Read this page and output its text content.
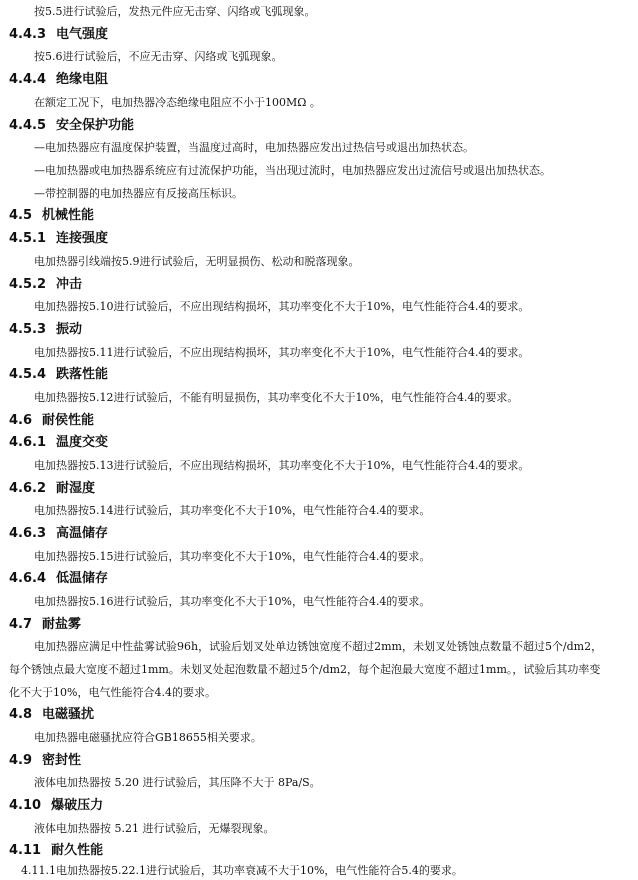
按5.5进行试验后，发热元件应无击穿、闪络或飞弧现象。
4.4.3 电气强度
按5.6进行试验后，不应无击穿、闪络或飞弧现象。
4.4.4 绝缘电阻
在额定工况下，电加热器冷态绝缘电阻应不小于100MΩ 。
4.4.5 安全保护功能
—电加热器应有温度保护装置，当温度过高时，电加热器应发出过热信号或退出加热状态。
—电加热器或电加热器系统应有过流保护功能，当出现过流时，电加热器应发出过流信号或退出加热状态。
—带控制器的电加热器应有反接高压标识。
4.5 机械性能
4.5.1 连接强度
电加热器引线端按5.9进行试验后，无明显损伤、松动和脱落现象。
4.5.2 冲击
电加热器按5.10进行试验后，不应出现结构损坏，其功率变化不大于10%，电气性能符合4.4的要求。
4.5.3 振动
电加热器按5.11进行试验后，不应出现结构损坏，其功率变化不大于10%，电气性能符合4.4的要求。
4.5.4 跌落性能
电加热器按5.12进行试验后，不能有明显损伤，其功率变化不大于10%，电气性能符合4.4的要求。
4.6 耐侯性能
4.6.1 温度交变
电加热器按5.13进行试验后，不应出现结构损坏，其功率变化不大于10%，电气性能符合4.4的要求。
4.6.2 耐湿度
电加热器按5.14进行试验后，其功率变化不大于10%，电气性能符合4.4的要求。
4.6.3 高温储存
电加热器按5.15进行试验后，其功率变化不大于10%，电气性能符合4.4的要求。
4.6.4 低温储存
电加热器按5.16进行试验后，其功率变化不大于10%，电气性能符合4.4的要求。
4.7 耐盐雾
电加热器应满足中性盐雾试验96h，试验后划叉处单边锈蚀宽度不超过2mm，未划叉处锈蚀点数量不超过5个/dm2，
每个锈蚀点最大宽度不超过1mm。未划叉处起泡数量不超过5个/dm2，每个起泡最大宽度不超过1mm。，试验后其功率变
化不大于10%，电气性能符合4.4的要求。
4.8 电磁骚扰
电加热器电磁骚扰应符合GB18655相关要求。
4.9 密封性
液体电加热器按 5.20 进行试验后，其压降不大于 8Pa/S。
4.10 爆破压力
液体电加热器按 5.21 进行试验后，无爆裂现象。
4.11 耐久性能
4.11.1电加热器按5.22.1进行试验后，其功率衰减不大于10%，电气性能符合5.4的要求。
